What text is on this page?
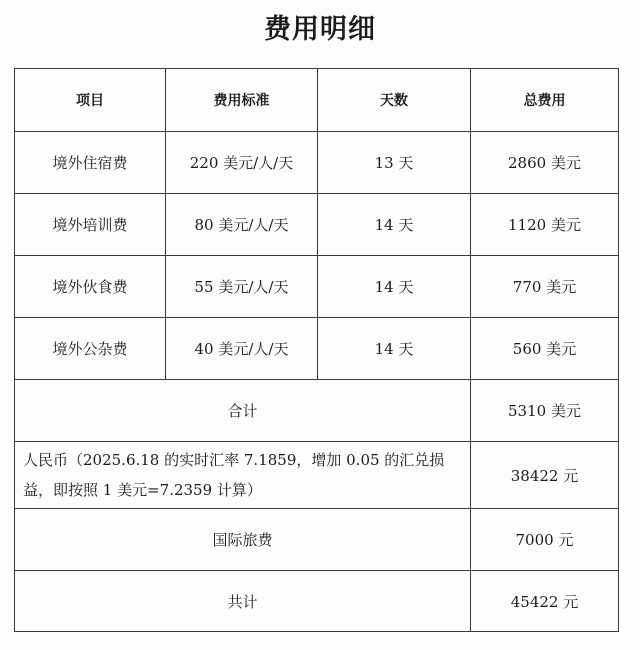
费用明细
项目	费用标准	天数	总费用
境外住宿费	220 美元/人/天	13 天	2860 美元
境外培训费	80 美元/人/天	14 天	1120 美元
境外伙食费	55 美元/人/天	14 天	770 美元
境外公杂费	40 美元/人/天	14 天	560 美元
合计			5310 美元
人民币（2025.6.18 的实时汇率 7.1859，增加 0.05 的汇兑损益，即按照 1 美元=7.2359 计算）			38422 元
国际旅费			7000 元
共计			45422 元
